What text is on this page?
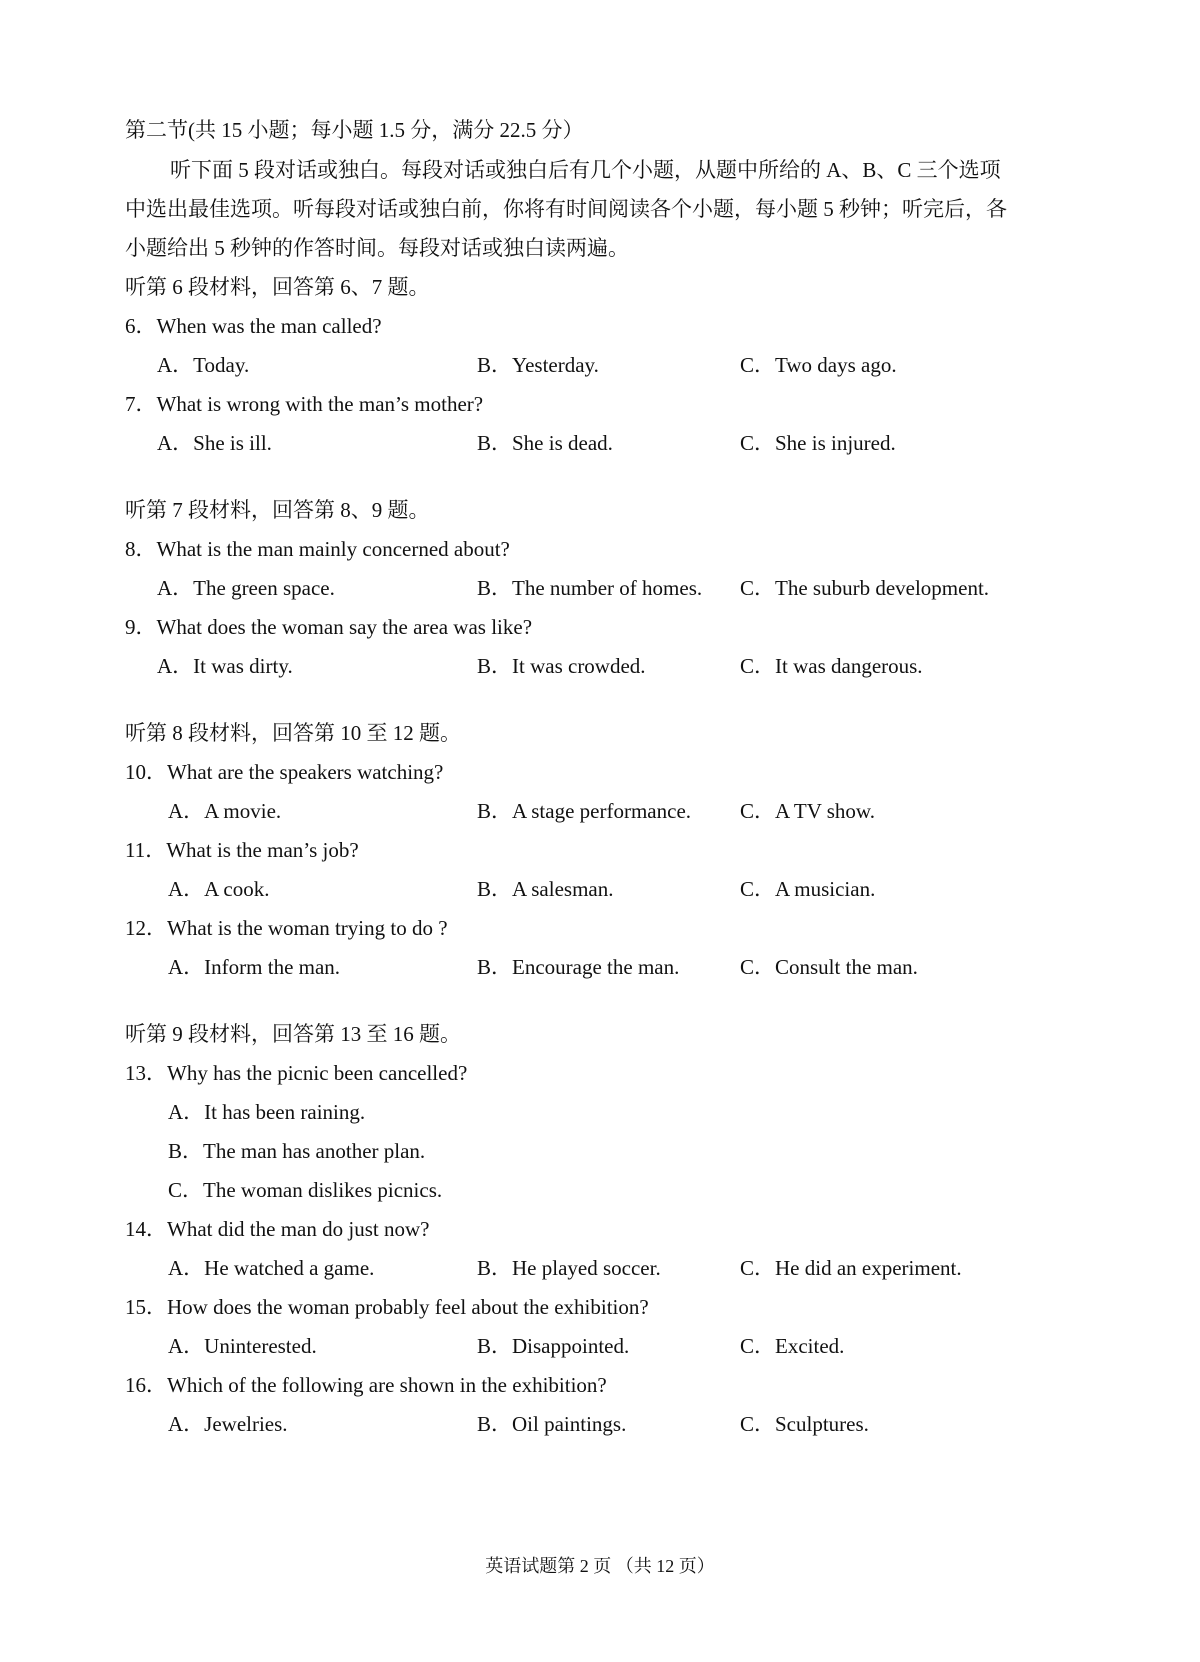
第二节(共 15 小题；每小题 1.5 分，满分 22.5 分）
听下面 5 段对话或独白。每段对话或独白后有几个小题，从题中所给的 A、B、C 三个选项
中选出最佳选项。听每段对话或独白前，你将有时间阅读各个小题，每小题 5 秒钟；听完后，各
小题给出 5 秒钟的作答时间。每段对话或独白读两遍。
听第 6 段材料，回答第 6、7 题。
6．When was the man called?
A．Today.	B．Yesterday.	C．Two days ago.
7．What is wrong with the man’s mother?
A．She is ill.	B．She is dead.	C．She is injured.
听第 7 段材料，回答第 8、9 题。
8．What is the man mainly concerned about?
A．The green space.	B．The number of homes. C．The suburb development.
9．What does the woman say the area was like?
A．It was dirty.	B．It was crowded.	C．It was dangerous.
听第 8 段材料，回答第 10 至 12 题。
10．What are the speakers watching?
A．A movie.	B．A stage performance. C．A TV show.
11．What is the man’s job?
A．A cook.	B．A salesman.	C．A musician.
12．What is the woman trying to do ?
A．Inform the man.	B．Encourage the man.	C．Consult the man.
听第 9 段材料，回答第 13 至 16 题。
13．Why has the picnic been cancelled?
A．It has been raining.
B．The man has another plan.
C．The woman dislikes picnics.
14．What did the man do just now?
A．He watched a game.	B．He played soccer.	C．He did an experiment.
15．How does the woman probably feel about the exhibition?
A．Uninterested.	B．Disappointed.	C．Excited.
16．Which of the following are shown in the exhibition?
A．Jewelries.	B．Oil paintings.	C．Sculptures.
英语试题第 2 页 （共 12 页）
